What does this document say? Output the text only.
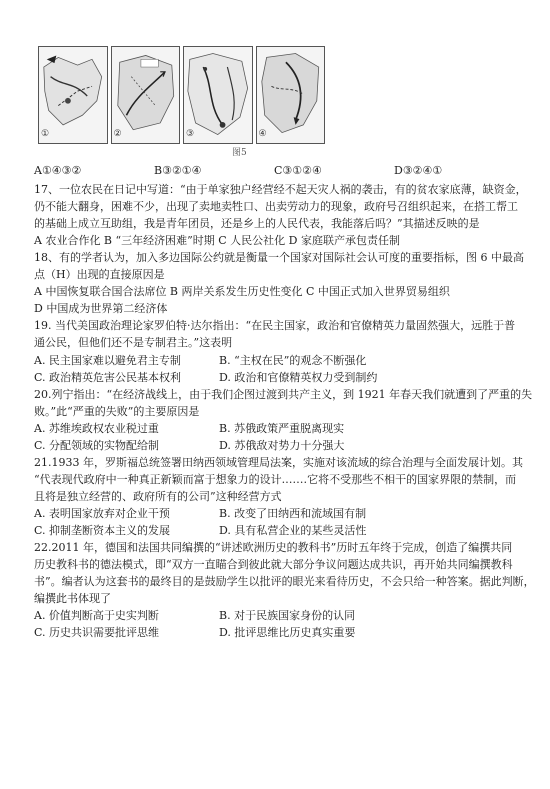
①	②	③	④
图5
A①④③②	B③②①④	C③①②④	D③②④①

17、一位农民在日记中写道：“由于单家独户经营经不起天灾人祸的袭击，有的贫农家底薄，缺资金，

仍不能大翻身，困难不少，出现了卖地卖牲口、出卖劳动力的现象，政府号召组织起来，在搭工帮工

的基础上成立互助组，我是青年团员，还是乡上的人民代表，我能落后吗？”其描述反映的是

A 农业合作化 B “三年经济困难”时期 C 人民公社化 D 家庭联产承包责任制

18、有的学者认为，加入多边国际公约就是衡量一个国家对国际社会认可度的重要指标，图 6 中最高

点（H）出现的直接原因是

A 中国恢复联合国合法席位 B 两岸关系发生历史性变化 C 中国正式加入世界贸易组织

D 中国成为世界第二经济体

19. 当代美国政治理论家罗伯特·达尔指出：“在民主国家，政治和官僚精英力量固然强大，远胜于普

通公民，但他们还不是专制君主。”这表明

A. 民主国家难以避免君主专制	B. “主权在民”的观念不断强化
C. 政治精英危害公民基本权利	D. 政治和官僚精英权力受到制约

20.列宁指出：“在经济战线上，由于我们企图过渡到共产主义，到 1921 年春天我们就遭到了严重的失

败。”此“严重的失败”的主要原因是

A. 苏维埃政权农业税过重	B. 苏俄政策严重脱离现实
C. 分配领域的实物配给制	D. 苏俄敌对势力十分强大

21.1933 年，罗斯福总统签署田纳西领域管理局法案，实施对该流域的综合治理与全面发展计划。其

“代表现代政府中一种真正新颖而富于想象力的设计.……它将不受那些不相干的国家界限的禁制，而

且将是独立经营的、政府所有的公司”这种经营方式

A. 表明国家放弃对企业干预	B. 改变了田纳西和流域国有制
C. 抑制垄断资本主义的发展	D. 具有私营企业的某些灵活性

22.2011 年，德国和法国共同编撰的“讲述欧洲历史的教科书”历时五年终于完成，创造了编撰共同

历史教科书的德法模式，即“双方一直瞄合到彼此就大部分争议问题达成共识，再开始共同编撰教科

书”。编者认为这套书的最终目的是鼓励学生以批评的眼光来看待历史，不会只给一种答案。据此判断，

编撰此书体现了

A. 价值判断高于史实判断	B. 对于民族国家身份的认同
C. 历史共识需要批评思维	D. 批评思维比历史真实重要
